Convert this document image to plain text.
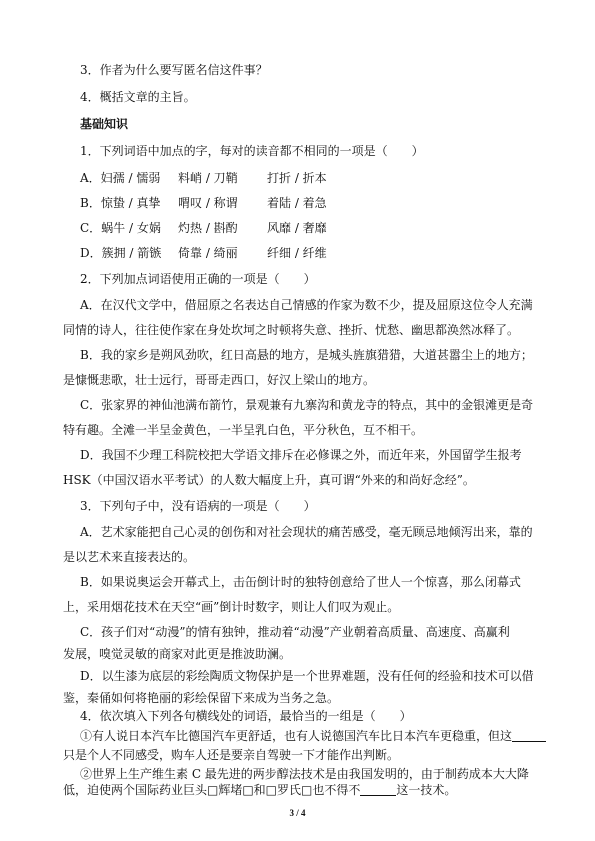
3．作者为什么要写匿名信这件事？
4．概括文章的主旨。
基础知识
1．下列词语中加点的字，每对的读音都不相同的一项是（　　）
A．妇孺 / 懦弱 料峭 / 刀鞘 打折 / 折本
B．惊蛰 / 真挚 喟叹 / 称谓 着陆 / 着急
C．蜗牛 / 女娲 灼热 / 斟酌 风靡 / 奢靡
D．簇拥 / 箭镞 倚靠 / 绮丽 纤细 / 纤维
2．下列加点词语使用正确的一项是（　　）
A．在汉代文学中，借屈原之名表达自己情感的作家为数不少，提及屈原这位令人充满
同情的诗人，往往使作家在身处坎坷之时顿将失意、挫折、忧愁、幽思都涣然冰释了。
B．我的家乡是朔风劲吹，红日高悬的地方，是城头旌旗猎猎，大道甚嚣尘上的地方；
是慷慨悲歌，壮士远行，哥哥走西口，好汉上梁山的地方。
C．张家界的神仙池满布箭竹，景观兼有九寨沟和黄龙寺的特点，其中的金银滩更是奇
特有趣。全滩一半呈金黄色，一半呈乳白色，平分秋色，互不相干。
D．我国不少理工科院校把大学语文排斥在必修课之外，而近年来，外国留学生报考
HSK（中国汉语水平考试）的人数大幅度上升，真可谓“外来的和尚好念经”。
3．下列句子中，没有语病的一项是（　　）
A．艺术家能把自己心灵的创伤和对社会现状的痛苦感受，毫无顾忌地倾泻出来，靠的
是以艺术来直接表达的。
B．如果说奥运会开幕式上，击缶倒计时的独特创意给了世人一个惊喜，那么闭幕式
上，采用烟花技术在天空“画”倒计时数字，则让人们叹为观止。
C．孩子们对“动漫”的情有独钟，推动着“动漫”产业朝着高质量、高速度、高赢利
发展，嗅觉灵敏的商家对此更是推波助澜。
D．以生漆为底层的彩绘陶质文物保护是一个世界难题，没有任何的经验和技术可以借
鉴，秦俑如何将艳丽的彩绘保留下来成为当务之急。
4．依次填入下列各句横线处的词语，最恰当的一组是（　　）
①有人说日本汽车比德国汽车更舒适，也有人说德国汽车比日本汽车更稳重，但这
只是个人不同感受，购车人还是要亲自驾驶一下才能作出判断。
3 / 4
②世界上生产维生素 C 最先进的两步醇法技术是由我国发明的，由于制药成本大大降
低，迫使两个国际药业巨头□辉堵□和□罗氏□也不得不	这一技术。
